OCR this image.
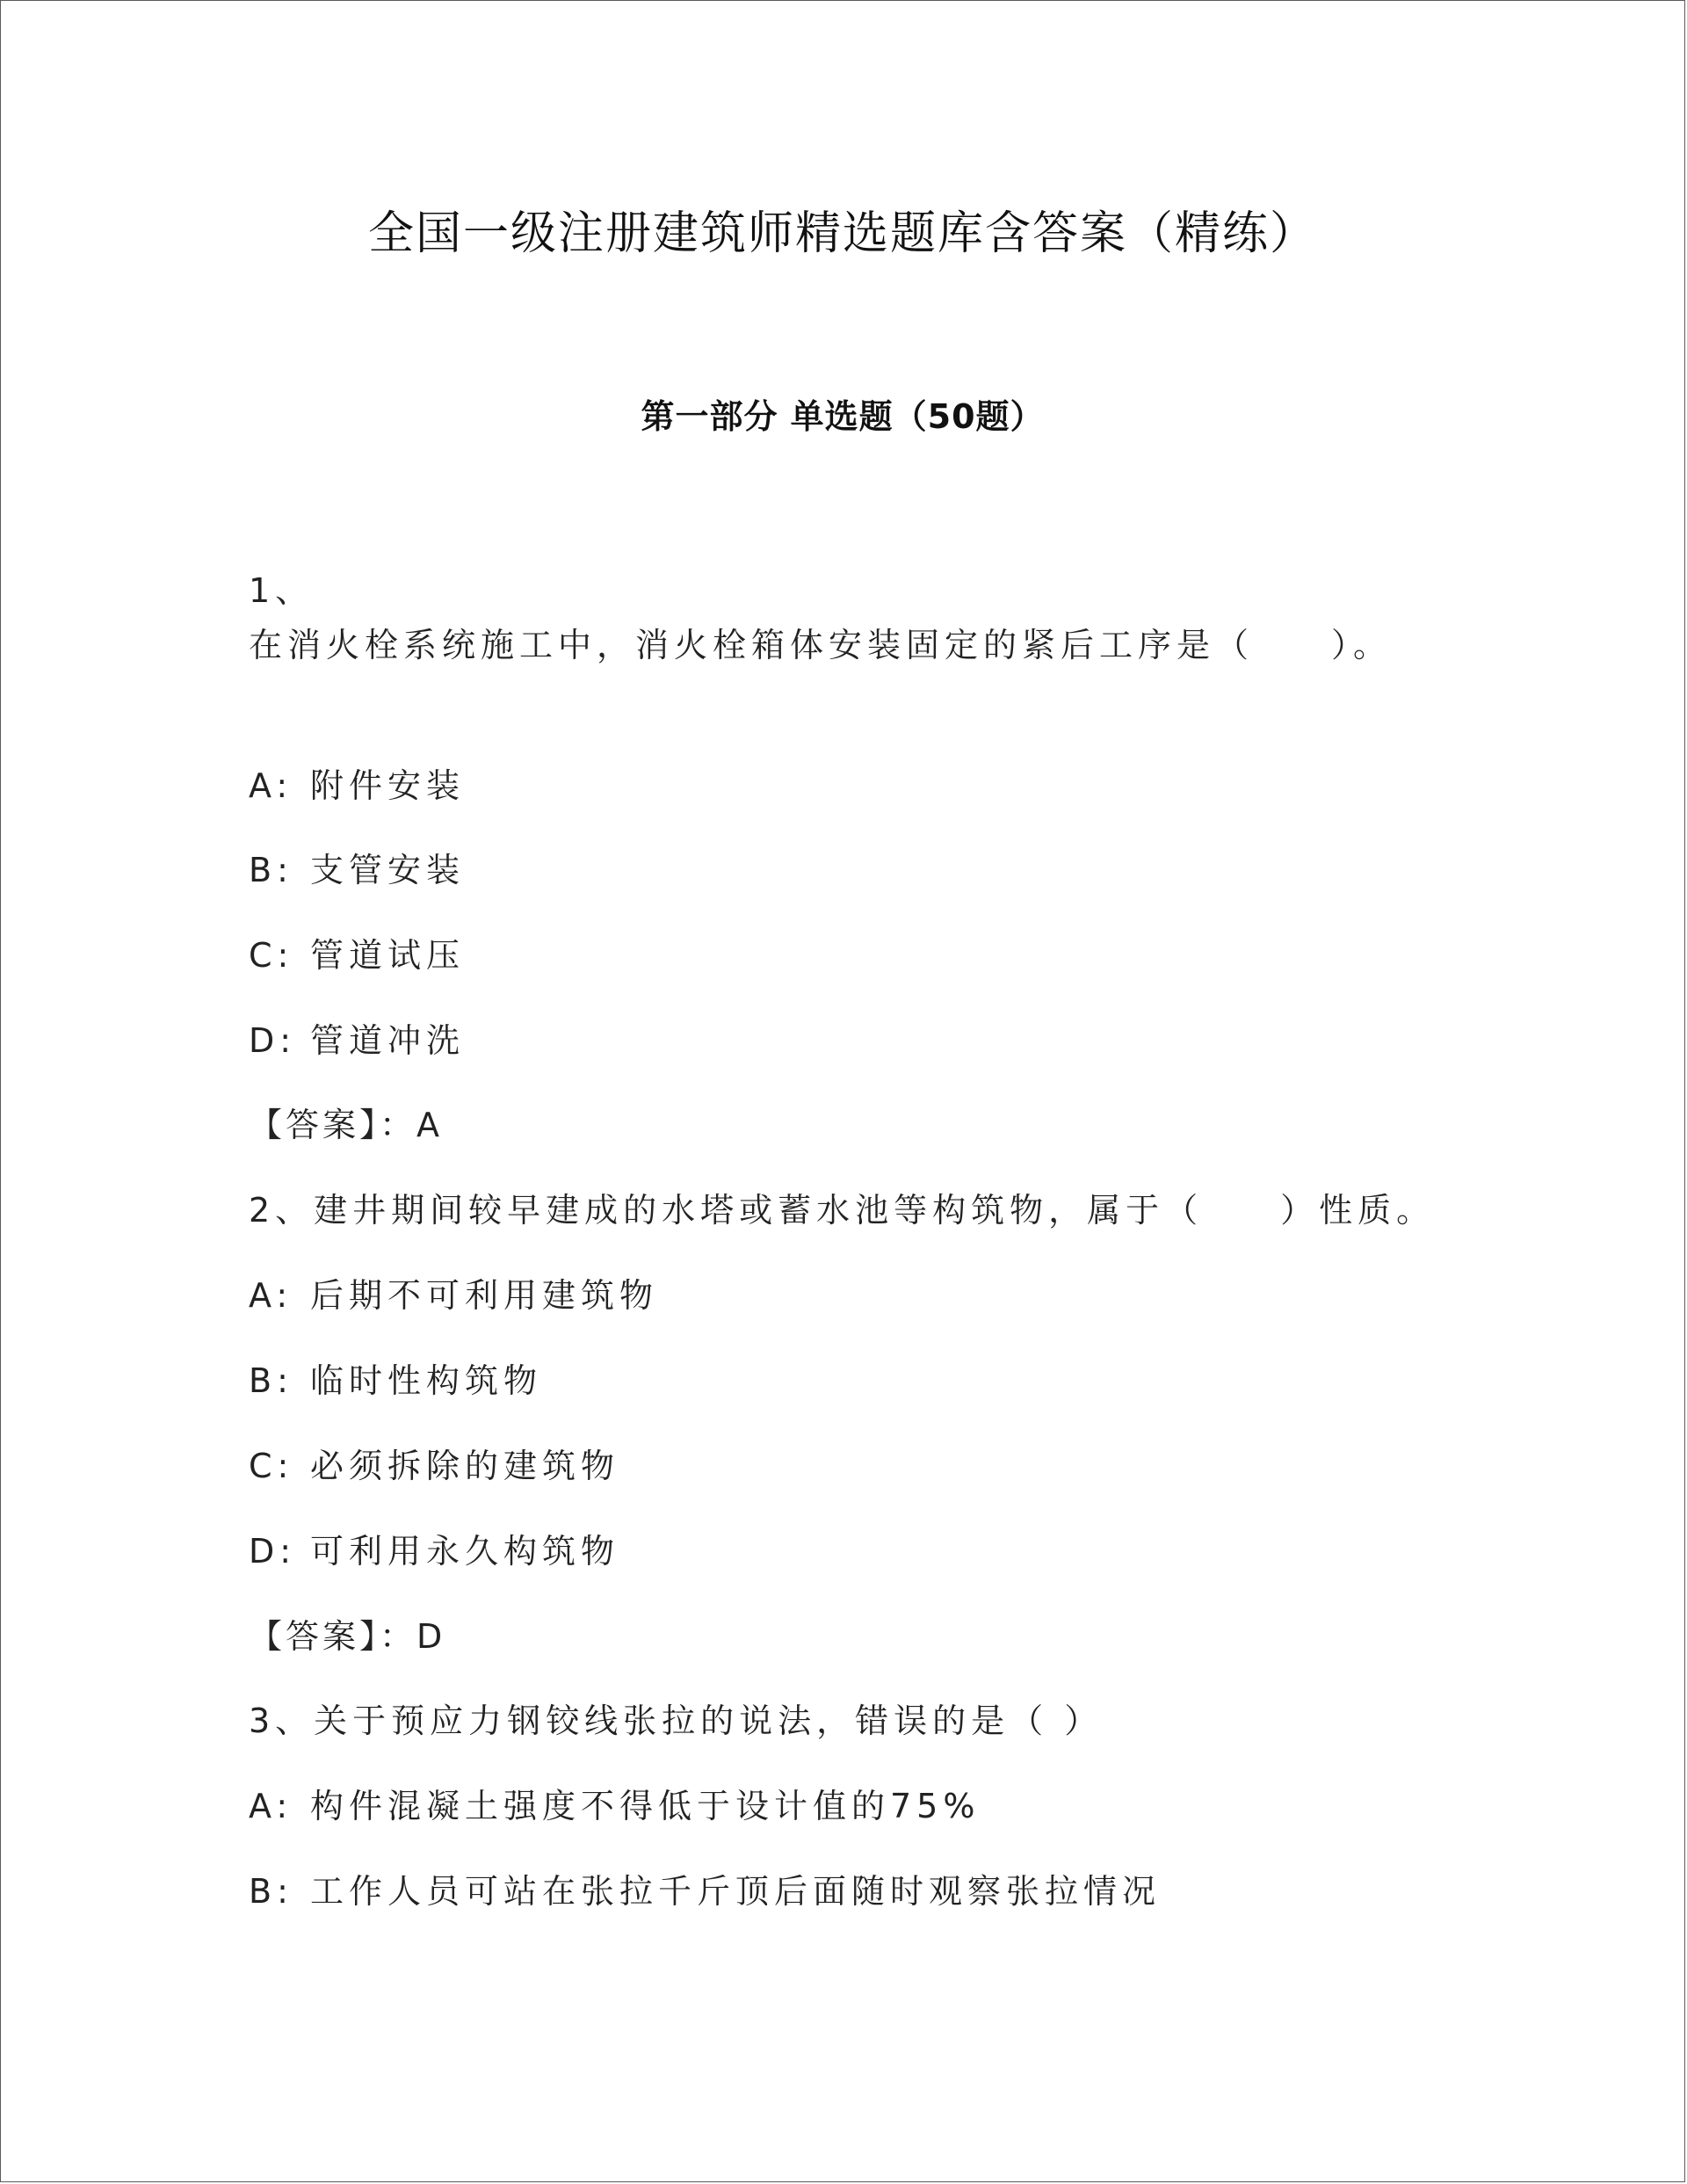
全国一级注册建筑师精选题库含答案（精练）
第一部分 单选题（50题）
1、
在消火栓系统施工中，消火栓箱体安装固定的紧后工序是（　　）。
A: 附件安装
B: 支管安装
C: 管道试压
D: 管道冲洗
【答案】：A
2、建井期间较早建成的水塔或蓄水池等构筑物，属于（　　）性质。
A: 后期不可利用建筑物
B: 临时性构筑物
C: 必须拆除的建筑物
D: 可利用永久构筑物
【答案】：D
3、关于预应力钢铰线张拉的说法，错误的是（ ）
A: 构件混凝土强度不得低于设计值的75%
B: 工作人员可站在张拉千斤顶后面随时观察张拉情况
